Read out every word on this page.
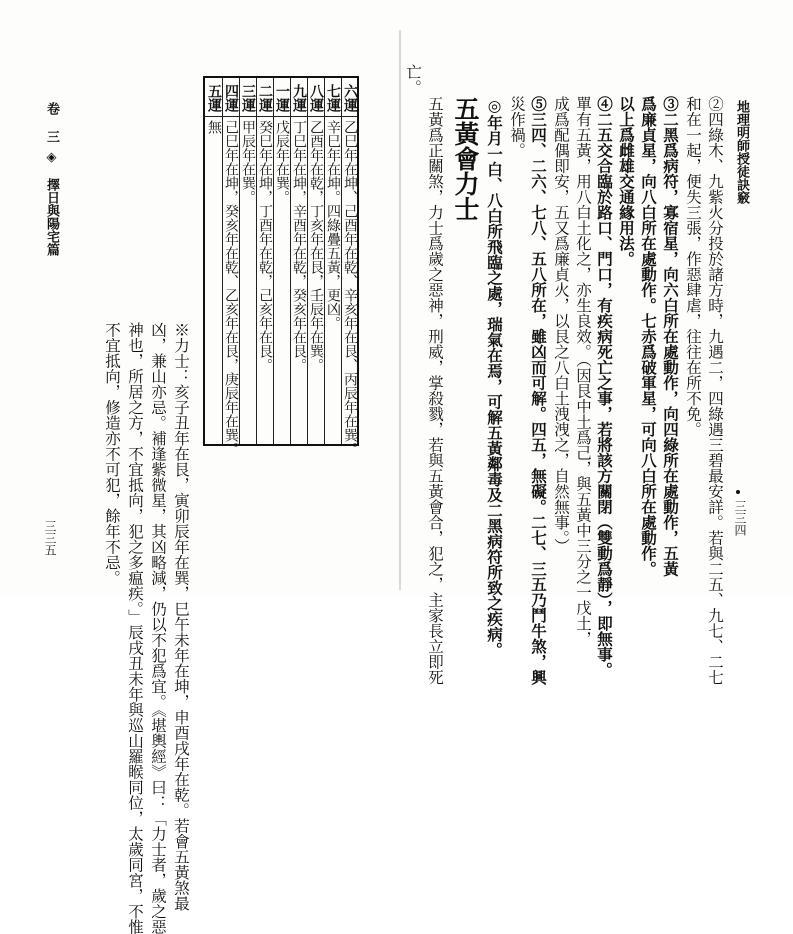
卷 三
◈
擇日與陽宅篇
三三五	※力士：亥子丑年在艮，寅卯辰年在巽，巳午未年在坤，申酉戌年在乾。若會五黃煞最
凶，兼山亦忌。補逢紫微星，其凶略減，仍以不犯爲宜。《堪輿經》曰：「力士者，歲之惡
神也，所居之方，不宜抵向，犯之多瘟疾。」辰戌丑未年與巡山羅睺同位，太歲同宮，不惟
不宜抵向，修造亦不可犯，餘年不忌。
六運
七運
八運
九運
一運
二運
三運
四運
五運
乙巳年在坤、己酉年在乾、辛亥年在艮、丙辰年在巽。
辛巳年在坤。四綠疊五黃，更凶。
乙酉年在乾，丁亥年在艮，壬辰年在巽。
丁巳年在坤，辛酉年在乾，癸亥年在艮。
戊辰年在巽。
癸巳年在坤，丁酉年在乾，己亥年在艮。
甲辰年在巽。
己巳年在坤，癸亥年在乾、乙亥年在艮，庚辰年在巽。
無	地理明師授徒訣竅
三三四
②四綠木、九紫火分投於諸方時，九遇二，四綠遇三碧最安詳。若與二五、九七、二七
和在一起，便失三張，作惡肆虐，往往在所不免。
③二黑爲病符，寡宿星，向六白所在處動作，向四綠所在處動作，五黃
爲廉貞星，向八白所在處動作。七赤爲破軍星，可向八白所在處動作。
以上爲雌雄交通緣用法。
④二五交合臨於路口、門口，有疾病死亡之事，若將該方關閉（雙動爲靜），即無事。
單有五黃，用八白土化之，亦生良效。（因艮中土爲己，與五黃中三分之一戊土，
成爲配偶即安，五又爲廉貞火，以艮之八白土洩洩之，自然無事。）
⑤三四、二六、七八、五八所在，雖凶而可解。四五，無礙。二七、三五乃鬥牛煞，興
災作禍。
◎年月一白、八白所飛臨之處，瑞氣在焉，可解五黃鄰毒及二黑病符所致之疾病。
五黃會力士
五黃爲正關煞，力士爲歲之惡神，刑威，掌殺戮，若與五黃會合，犯之，主家長立即死
亡。
